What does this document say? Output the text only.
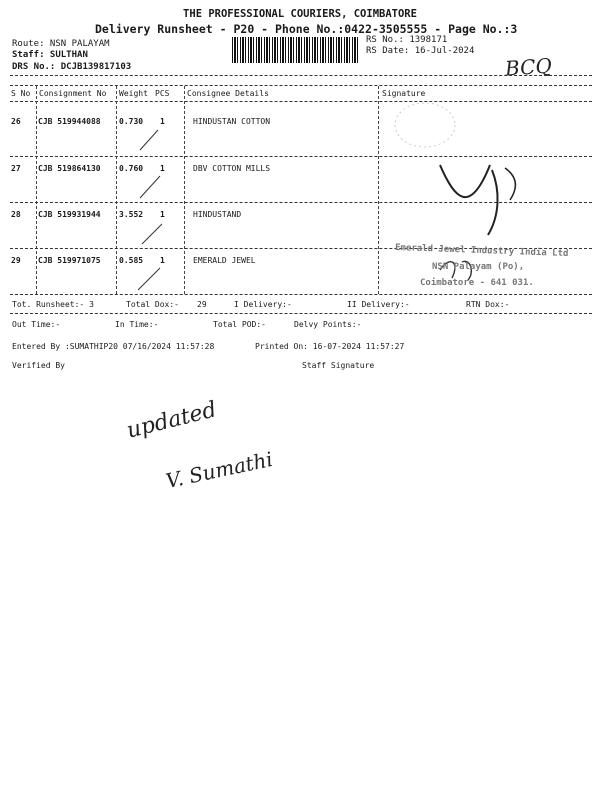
THE PROFESSIONAL COURIERS, COIMBATORE
Delivery Runsheet - P20 - Phone No.:0422-3505555 - Page No.:3
Route: NSN PALAYAM
Staff: SULTHAN
DRS No.: DCJB139817103
RS No.: 1398171
RS Date: 16-Jul-2024
BCQ
S No Consignment No Weight PCS Consignee Details	Signature
26 CJB 519944088 0.730 1	HINDUSTAN COTTON
27 CJB 519864130 0.760 1	DBV COTTON MILLS
28 CJB 519931944 3.552 1	HINDUSTAND
29 CJB 519971075 0.585 1	EMERALD JEWEL
Emerald Jewel Industry India Ltd
NSN Palayam (Po),
Coimbatore - 641 031.
Tot. Runsheet:- 3	Total Dox:- 29	I Delivery:-	II Delivery:-	RTN Dox:-
Out Time:-	In Time:-	Total POD:-	Delvy Points:-
Entered By :SUMATHIP20 07/16/2024 11:57:28	Printed On: 16-07-2024 11:57:27
Verified By	Staff Signature
updated
V. Sumathi
